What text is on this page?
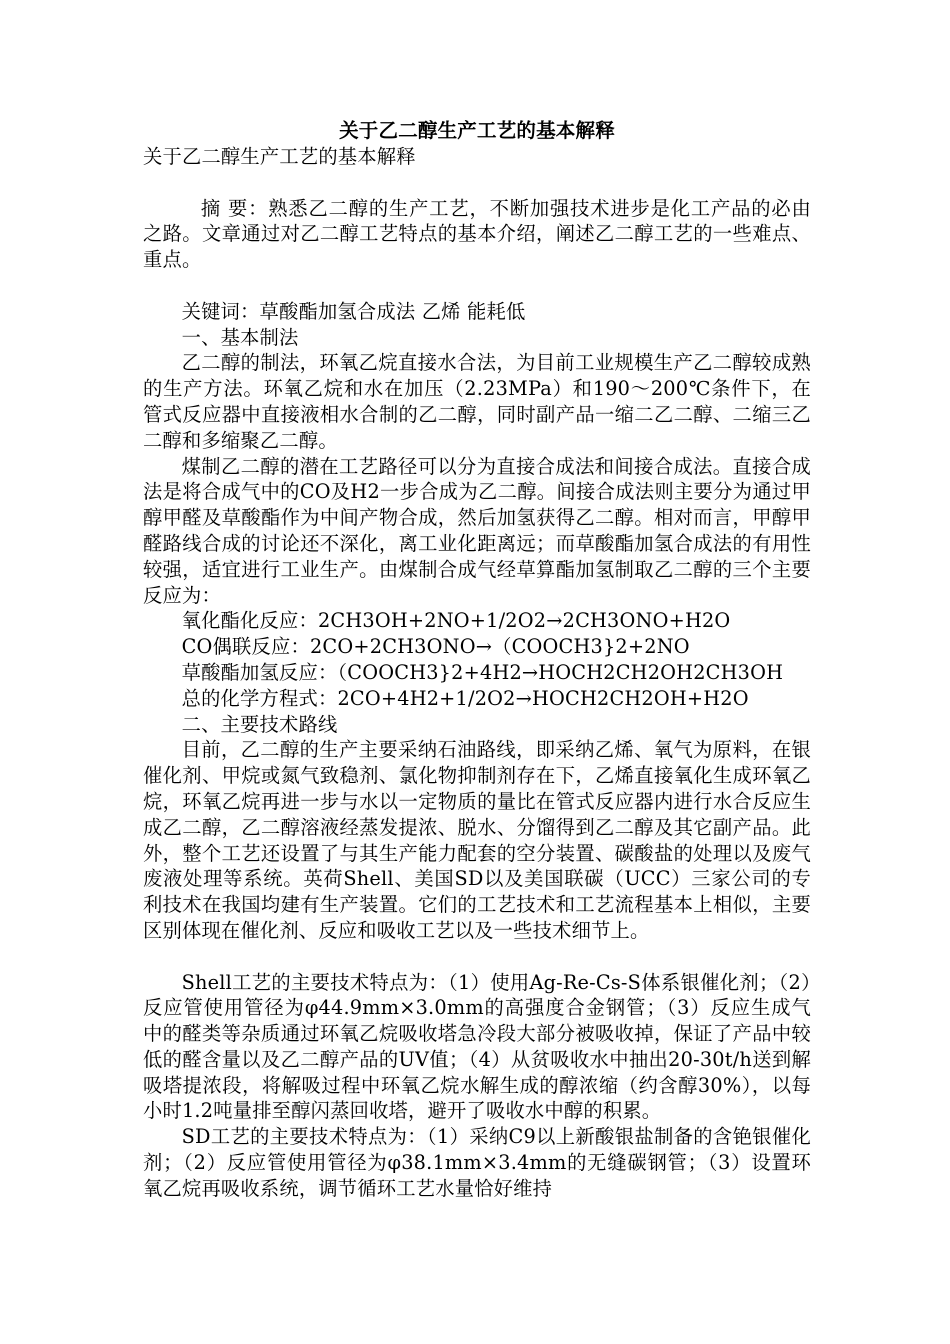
关于乙二醇生产工艺的基本解释

关于乙二醇生产工艺的基本解释

摘 要：熟悉乙二醇的生产工艺，不断加强技术进步是化工产品的必由之路。文章通过对乙二醇工艺特点的基本介绍，阐述乙二醇工艺的一些难点、重点。

关键词：草酸酯加氢合成法 乙烯 能耗低

一、基本制法

乙二醇的制法，环氧乙烷直接水合法，为目前工业规模生产乙二醇较成熟的生产方法。环氧乙烷和水在加压（2.23MPa）和190～200℃条件下，在管式反应器中直接液相水合制的乙二醇，同时副产品一缩二乙二醇、二缩三乙二醇和多缩聚乙二醇。

煤制乙二醇的潜在工艺路径可以分为直接合成法和间接合成法。直接合成法是将合成气中的CO及H2一步合成为乙二醇。间接合成法则主要分为通过甲醇甲醛及草酸酯作为中间产物合成，然后加氢获得乙二醇。相对而言，甲醇甲醛路线合成的讨论还不深化，离工业化距离远；而草酸酯加氢合成法的有用性较强，适宜进行工业生产。由煤制合成气经草算酯加氢制取乙二醇的三个主要反应为：

氧化酯化反应：2CH3OH+2NO+1/2O2→2CH3ONO+H2O

CO偶联反应：2CO+2CH3ONO→（COOCH3}2+2NO

草酸酯加氢反应：（COOCH3}2+4H2→HOCH2CH2OH2CH3OH

总的化学方程式：2CO+4H2+1/2O2→HOCH2CH2OH+H2O

二、主要技术路线

目前，乙二醇的生产主要采纳石油路线，即采纳乙烯、氧气为原料，在银催化剂、甲烷或氮气致稳剂、氯化物抑制剂存在下，乙烯直接氧化生成环氧乙烷，环氧乙烷再进一步与水以一定物质的量比在管式反应器内进行水合反应生成乙二醇，乙二醇溶液经蒸发提浓、脱水、分馏得到乙二醇及其它副产品。此外，整个工艺还设置了与其生产能力配套的空分装置、碳酸盐的处理以及废气废液处理等系统。英荷Shell、美国SD以及美国联碳（UCC）三家公司的专利技术在我国均建有生产装置。它们的工艺技术和工艺流程基本上相似，主要区别体现在催化剂、反应和吸收工艺以及一些技术细节上。

Shell工艺的主要技术特点为：（1）使用Ag-Re-Cs-S体系银催化剂；（2）反应管使用管径为φ44.9mm×3.0mm的高强度合金钢管；（3）反应生成气中的醛类等杂质通过环氧乙烷吸收塔急冷段大部分被吸收掉，保证了产品中较低的醛含量以及乙二醇产品的UV值；（4）从贫吸收水中抽出20-30t/h送到解吸塔提浓段，将解吸过程中环氧乙烷水解生成的醇浓缩（约含醇30%），以每小时1.2吨量排至醇闪蒸回收塔，避开了吸收水中醇的积累。

SD工艺的主要技术特点为：（1）采纳C9以上新酸银盐制备的含铯银催化剂；（2）反应管使用管径为φ38.1mm×3.4mm的无缝碳钢管；（3）设置环氧乙烷再吸收系统，调节循环工艺水量恰好维持
